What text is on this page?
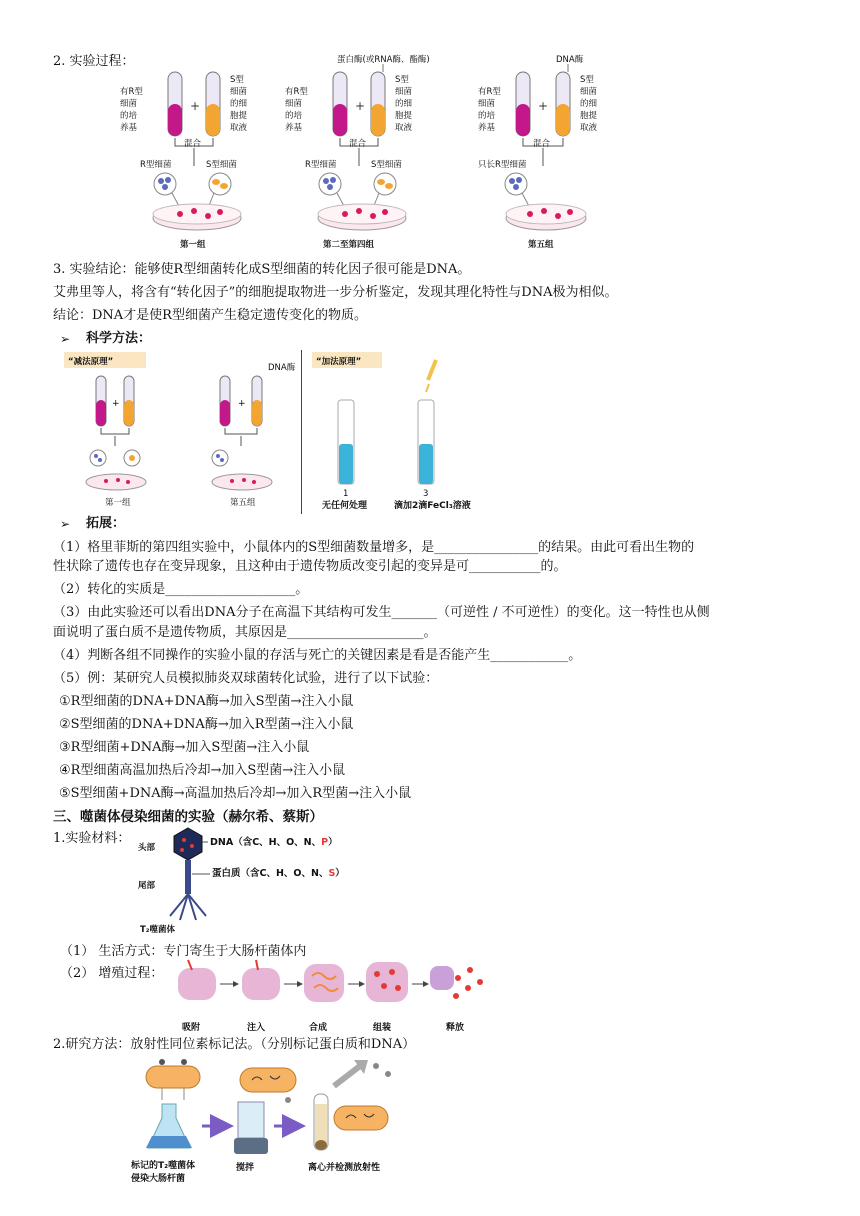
2. 实验过程：
+
有R型
细菌
的培
养基
S型
细菌
的细
胞提
取液
混合
R型细菌	S型细菌
第一组
蛋白酶(或RNA酶、酯酶)
+
有R型
细菌
的培
养基
S型
细菌
的细
胞提
取液
混合
R型细菌	S型细菌
第二至第四组
DNA酶
+
有R型
细菌
的培
养基
S型
细菌
的细
胞提
取液
混合
只长R型细菌
第五组
3. 实验结论：能够使R型细菌转化成S型细菌的转化因子很可能是DNA。
艾弗里等人，将含有“转化因子”的细胞提取物进一步分析鉴定，发现其理化特性与DNA极为相似。
结论：DNA才是使R型细菌产生稳定遗传变化的物质。
➢ 科学方法：
“减法原理”
DNA酶
+
第一组
+
第五组
“加法原理”
1	3
无任何处理	滴加2滴FeCl₃溶液
➢ 拓展：
（1）格里菲斯的第四组实验中，小鼠体内的S型细菌数量增多，是________________的结果。由此可看出生物的
性状除了遗传也存在变异现象，且这种由于遗传物质改变引起的变异是可___________的。
（2）转化的实质是____________________。
（3）由此实验还可以看出DNA分子在高温下其结构可发生_______（可逆性 / 不可逆性）的变化。这一特性也从侧
面说明了蛋白质不是遗传物质，其原因是_____________________。
（4）判断各组不同操作的实验小鼠的存活与死亡的关键因素是看是否能产生____________。
（5）例：某研究人员模拟肺炎双球菌转化试验，进行了以下试验：
①R型细菌的DNA+DNA酶→加入S型菌→注入小鼠
②S型细菌的DNA+DNA酶→加入R型菌→注入小鼠
③R型细菌+DNA酶→加入S型菌→注入小鼠
④R型细菌高温加热后冷却→加入S型菌→注入小鼠
⑤S型细菌+DNA酶→高温加热后冷却→加入R型菌→注入小鼠
三、噬菌体侵染细菌的实验（赫尔希、蔡斯）
1.实验材料：
头部
尾部
T₂噬菌体
DNA（含C、H、O、N、P）
蛋白质（含C、H、O、N、S）
（1） 生活方式：专门寄生于大肠杆菌体内
（2） 增殖过程：
吸附	注入	合成	组装	释放
2.研究方法：放射性同位素标记法。（分别标记蛋白质和DNA）
标记的T₂噬菌体
侵染大肠杆菌
搅拌	离心并检测放射性
